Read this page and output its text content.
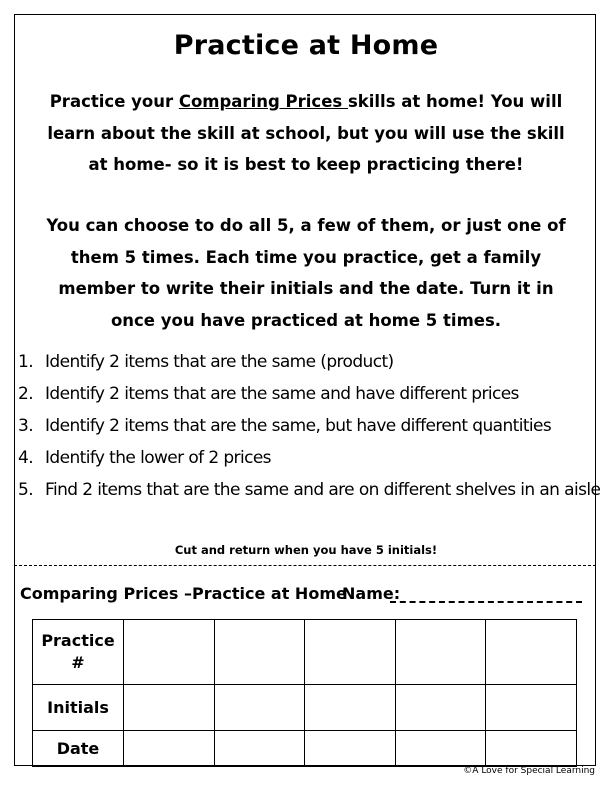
Practice at Home

Practice your Comparing Prices skills at home! You will learn about the skill at school, but you will use the skill at home- so it is best to keep practicing there!

You can choose to do all 5, a few of them, or just one of them 5 times. Each time you practice, get a family member to write their initials and the date. Turn it in once you have practiced at home 5 times.

1. Identify 2 items that are the same (product)
2. Identify 2 items that are the same and have different prices
3. Identify 2 items that are the same, but have different quantities
4. Identify the lower of 2 prices
5. Find 2 items that are the same and are on different shelves in an aisle
Cut and return when you have 5 initials!
Comparing Prices –Practice at Home
Name:
Practice #					
Initials					
Date					
©A Love for Special Learning
